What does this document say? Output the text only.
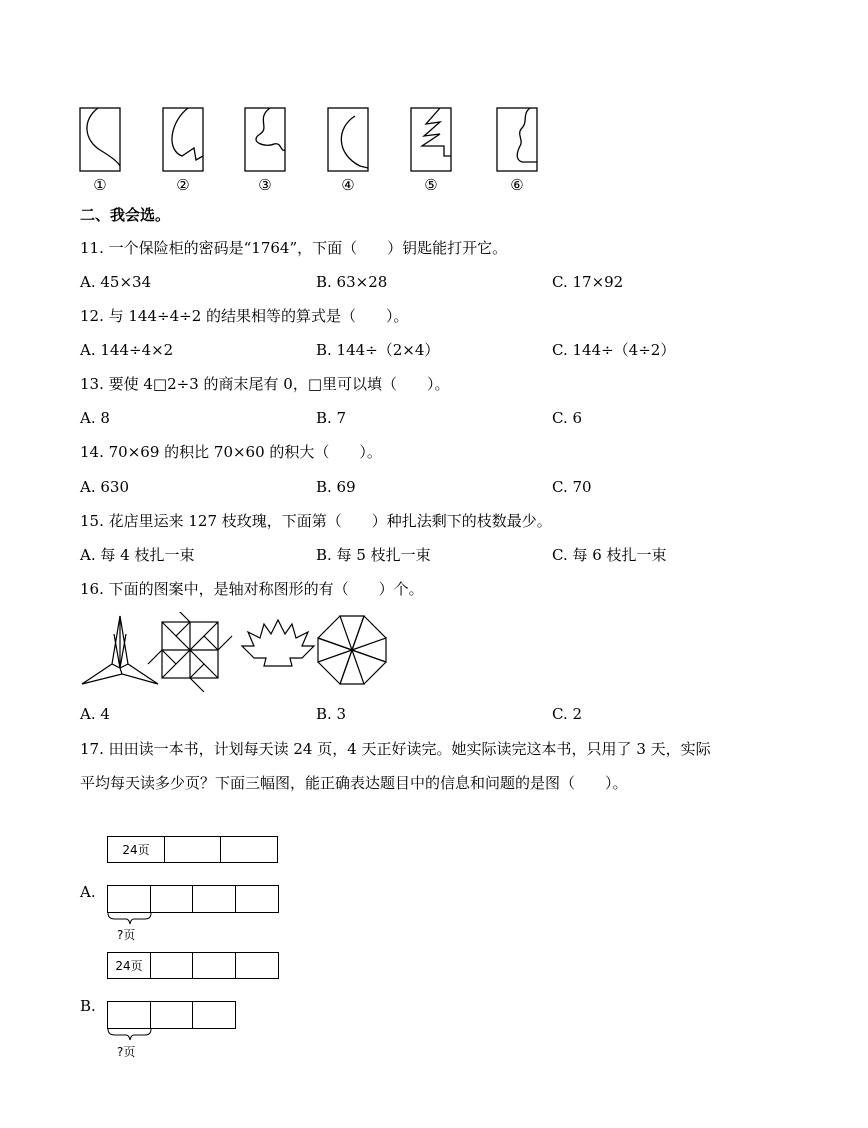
①	②	③	④	⑤	⑥
二、我会选。
11. 一个保险柜的密码是“1764”，下面（　　）钥匙能打开它。
A. 45×34	B. 63×28	C. 17×92
12. 与 144÷4÷2 的结果相等的算式是（　　）。
A. 144÷4×2	B. 144÷（2×4）	C. 144÷（4÷2）
13. 要使 4□2÷3 的商末尾有 0，□里可以填（　　）。
A. 8	B. 7	C. 6
14. 70×69 的积比 70×60 的积大（　　）。
A. 630	B. 69	C. 70
15. 花店里运来 127 枝玫瑰，下面第（　　）种扎法剩下的枝数最少。
A. 每 4 枝扎一束	B. 每 5 枝扎一束	C. 每 6 枝扎一束
16. 下面的图案中，是轴对称图形的有（　　）个。
A. 4	B. 3	C. 2
17. 田田读一本书，计划每天读 24 页，4 天正好读完。她实际读完这本书，只用了 3 天，实际
平均每天读多少页？下面三幅图，能正确表达题目中的信息和问题的是图（　　）。
24页
A.
?页
24页
B.
?页
